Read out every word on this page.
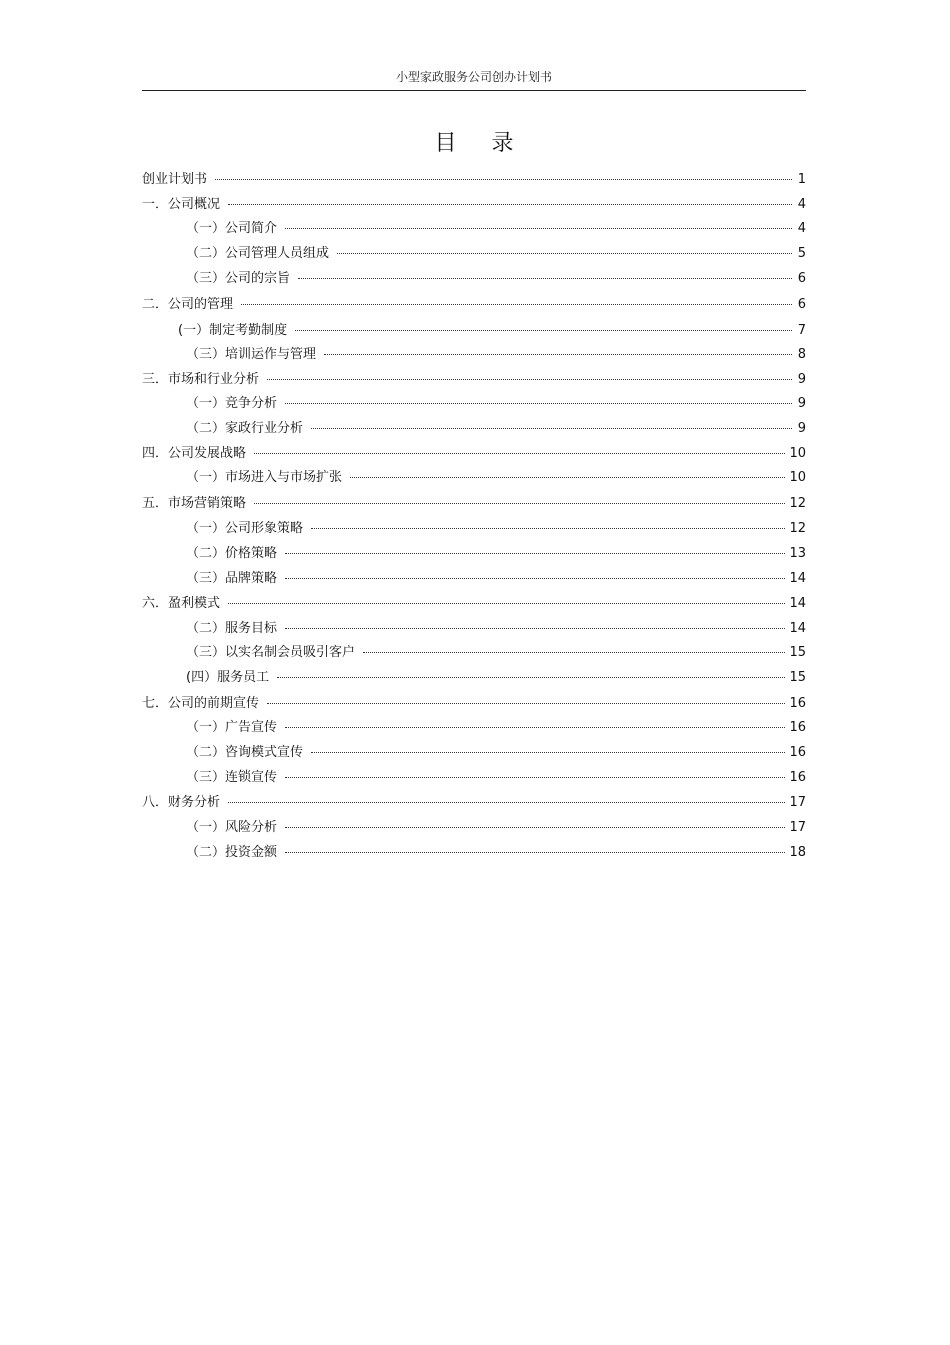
小型家政服务公司创办计划书
目 录
创业计划书	1
一．公司概况	4
（一）公司简介	4
（二）公司管理人员组成	5
（三）公司的宗旨	6
二．公司的管理	6
(一）制定考勤制度	7
（三）培训运作与管理	8
三．市场和行业分析	9
（一）竞争分析	9
（二）家政行业分析	9
四．公司发展战略	10
（一）市场进入与市场扩张	10
五．市场营销策略	12
（一）公司形象策略	12
（二）价格策略	13
（三）品牌策略	14
六．盈利模式	14
（二）服务目标	14
（三）以实名制会员吸引客户	15
(四）服务员工	15
七．公司的前期宣传	16
（一）广告宣传	16
（二）咨询模式宣传	16
（三）连锁宣传	16
八．财务分析	17
（一）风险分析	17
（二）投资金额	18
